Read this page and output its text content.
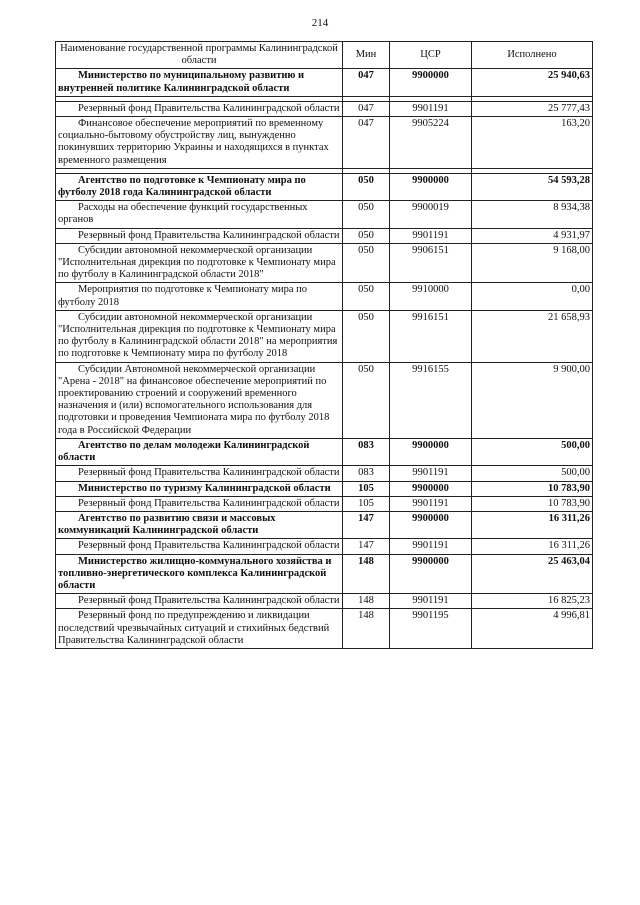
214
Наименование государственной программы Калининградской области	Мин	ЦСР	Исполнено
Министерство по муниципальному развитию и внутренней политике Калининградской области	047	9900000	25 940,63

Резервный фонд Правительства Калининградской области	047	9901191	25 777,43
Финансовое обеспечение мероприятий по временному социально-бытовому обустройству лиц, вынужденно покинувших территорию Украины и находящихся в пунктах временного размещения	047	9905224	163,20

Агентство по подготовке к Чемпионату мира по футболу 2018 года Калининградской области	050	9900000	54 593,28
Расходы на обеспечение функций государственных органов	050	9900019	8 934,38
Резервный фонд Правительства Калининградской области	050	9901191	4 931,97
Субсидии автономной некоммерческой организации "Исполнительная дирекция по подготовке к Чемпионату мира по футболу в Калининградской области 2018"	050	9906151	9 168,00
Мероприятия по подготовке к Чемпионату мира по футболу 2018	050	9910000	0,00
Субсидии автономной некоммерческой организации "Исполнительная дирекция по подготовке к Чемпионату мира по футболу в Калининградской области 2018" на мероприятия по подготовке к Чемпионату мира по футболу 2018	050	9916151	21 658,93
Субсидии Автономной некоммерческой организации "Арена - 2018" на финансовое обеспечение мероприятий по проектированию строений и сооружений временного назначения и (или) вспомогательного использования для подготовки и проведения Чемпионата мира по футболу 2018 года в Российской Федерации	050	9916155	9 900,00
Агентство по делам молодежи Калининградской области	083	9900000	500,00
Резервный фонд Правительства Калининградской области	083	9901191	500,00
Министерство по туризму Калининградской области	105	9900000	10 783,90
Резервный фонд Правительства Калининградской области	105	9901191	10 783,90
Агентство по развитию связи и массовых коммуникаций Калининградской области	147	9900000	16 311,26
Резервный фонд Правительства Калининградской области	147	9901191	16 311,26
Министерство жилищно-коммунального хозяйства и топливно-энергетического комплекса Калининградской области	148	9900000	25 463,04
Резервный фонд Правительства Калининградской области	148	9901191	16 825,23
Резервный фонд по предупреждению и ликвидации последствий чрезвычайных ситуаций и стихийных бедствий Правительства Калининградской области	148	9901195	4 996,81
